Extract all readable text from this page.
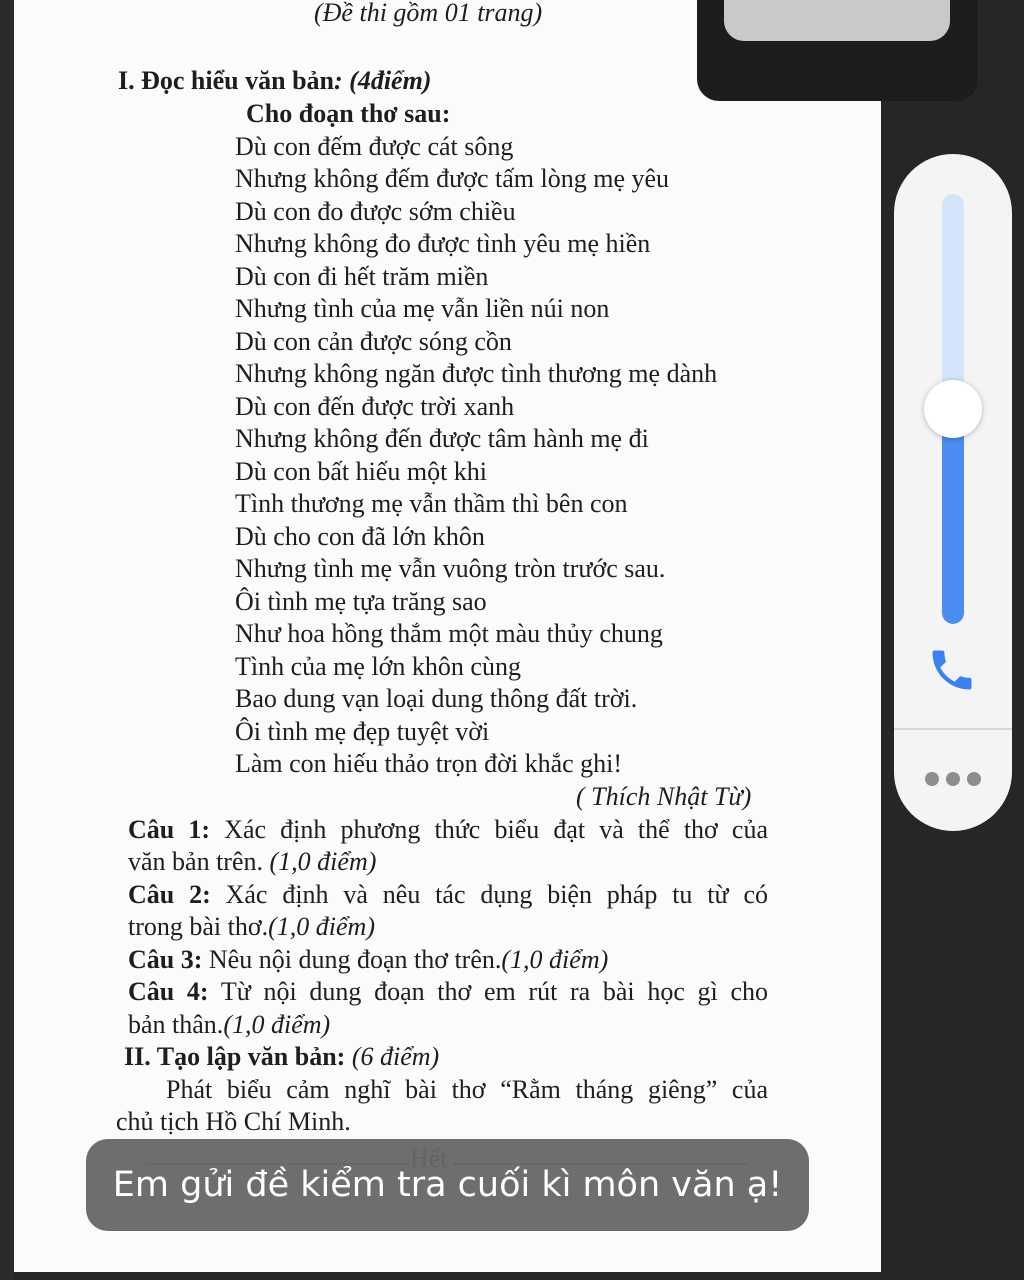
(Đề thi gồm 01 trang)
I. Đọc hiểu văn bản: (4điểm)
Cho đoạn thơ sau:
Dù con đếm được cát sông
Nhưng không đếm được tấm lòng mẹ yêu
Dù con đo được sớm chiều
Nhưng không đo được tình yêu mẹ hiền
Dù con đi hết trăm miền
Nhưng tình của mẹ vẫn liền núi non
Dù con cản được sóng cồn
Nhưng không ngăn được tình thương mẹ dành
Dù con đến được trời xanh
Nhưng không đến được tâm hành mẹ đi
Dù con bất hiếu một khi
Tình thương mẹ vẫn thầm thì bên con
Dù cho con đã lớn khôn
Nhưng tình mẹ vẫn vuông tròn trước sau.
Ôi tình mẹ tựa trăng sao
Như hoa hồng thắm một màu thủy chung
Tình của mẹ lớn khôn cùng
Bao dung vạn loại dung thông đất trời.
Ôi tình mẹ đẹp tuyệt vời
Làm con hiếu thảo trọn đời khắc ghi!
( Thích Nhật Từ)
Câu 1: Xác định phương thức biểu đạt và thể thơ của
văn bản trên. (1,0 điểm)
Câu 2: Xác định và nêu tác dụng biện pháp tu từ có
trong bài thơ.(1,0 điểm)
Câu 3: Nêu nội dung đoạn thơ trên.(1,0 điểm)
Câu 4: Từ nội dung đoạn thơ em rút ra bài học gì cho
bản thân.(1,0 điểm)
II. Tạo lập văn bản: (6 điểm)
Phát biểu cảm nghĩ bài thơ “Rằm tháng giêng” của
chủ tịch Hồ Chí Minh.
Em gửi đề kiểm tra cuối kì môn văn ạ!
